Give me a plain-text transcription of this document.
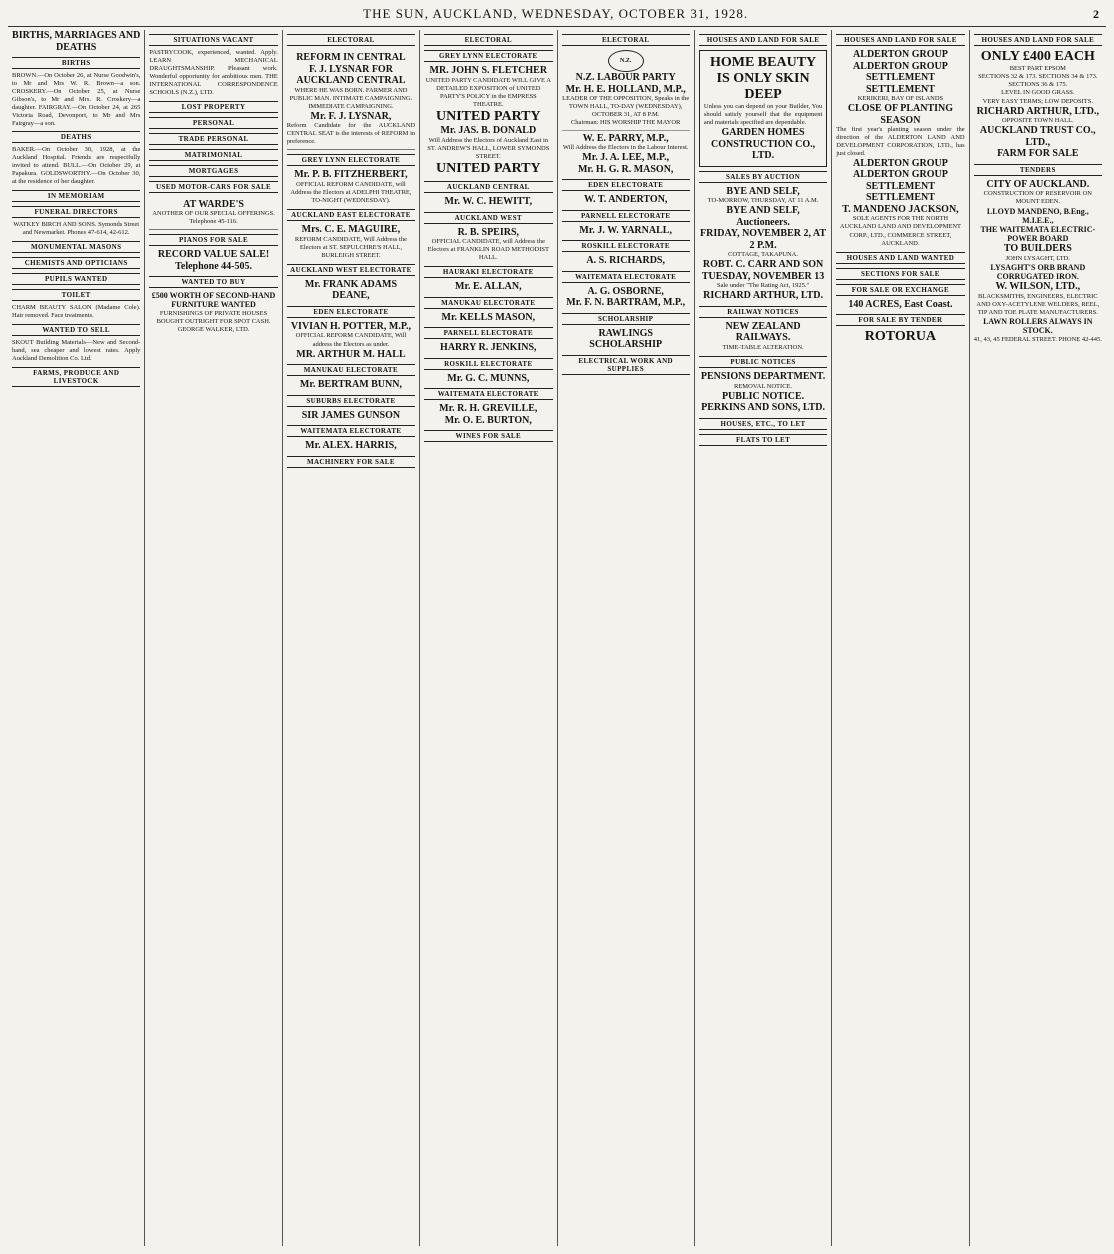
THE SUN, AUCKLAND, WEDNESDAY, OCTOBER 31, 1928.	2
BIRTHS, MARRIAGES AND DEATHS
BIRTHS
BROWN.—On October 26, at Nurse Goodwin's, to Mr and Mrs W. R. Brown—a son. CROSKERY.—On October 25, at Nurse Gibson's, to Mr and Mrs. R. Croskery—a daughter. FAIRGRAY.—On October 24, at 265 Victoria Road, Devonport, to Mr and Mrs Fairgray—a son.
DEATHS
BAKER.—On October 30, 1928, at the Auckland Hospital. Friends are respectfully invited to attend. BULL.—On October 29, at Papakura. GOLDSWORTHY.—On October 30, at the residence of her daughter.
IN MEMORIAM
FUNERAL DIRECTORS
WATKEY BIRCH AND SONS. Symonds Street and Newmarket. Phones 47-614, 42-612.
MONUMENTAL MASONS
CHEMISTS AND OPTICIANS
PUPILS WANTED
TOILET
CHARM BEAUTY SALON (Madame Cole). Hair removed. Face treatments.
WANTED TO SELL
SKOUT Building Materials—New and Second-hand, sea cheaper and lowest rates. Apply Auckland Demolition Co. Ltd.
FARMS, PRODUCE AND LIVESTOCK
SITUATIONS VACANT
PASTRYCOOK, experienced, wanted. Apply. LEARN MECHANICAL DRAUGHTSMANSHIP. Pleasant work. Wonderful opportunity for ambitious men. THE INTERNATIONAL CORRESPONDENCE SCHOOLS (N.Z.), LTD.
LOST PROPERTY
PERSONAL
TRADE PERSONAL
MATRIMONIAL
MORTGAGES
USED MOTOR-CARS FOR SALE
AT WARDE'S
ANOTHER OF OUR SPECIAL OFFERINGS. Telephone 45-116.
PIANOS FOR SALE
RECORD VALUE SALE! Telephone 44-505.
WANTED TO BUY
£500 WORTH OF SECOND-HAND FURNITURE WANTED
FURNISHINGS OF PRIVATE HOUSES BOUGHT OUTRIGHT FOR SPOT CASH. GEORGE WALKER, LTD.
ELECTORAL
REFORM IN CENTRAL
F. J. LYSNAR FOR AUCKLAND CENTRAL
WHERE HE WAS BORN. FARMER AND PUBLIC MAN. INTIMATE CAMPAIGNING. IMMEDIATE CAMPAIGNING.
Mr. F. J. LYSNAR,
Reform Candidate for the AUCKLAND CENTRAL SEAT is the interests of REFORM in preference.
GREY LYNN ELECTORATE
Mr. P. B. FITZHERBERT,
OFFICIAL REFORM CANDIDATE, will Address the Electors at ADELPHI THEATRE, TO-NIGHT (WEDNESDAY).
AUCKLAND EAST ELECTORATE
Mrs. C. E. MAGUIRE,
REFORM CANDIDATE, Will Address the Electors at ST. SEPULCHRE'S HALL, BURLEIGH STREET.
AUCKLAND WEST ELECTORATE
Mr. FRANK ADAMS DEANE,
EDEN ELECTORATE
VIVIAN H. POTTER, M.P.,
OFFICIAL REFORM CANDIDATE, Will address the Electors as under.
MR. ARTHUR M. HALL
MANUKAU ELECTORATE
Mr. BERTRAM BUNN,
SUBURBS ELECTORATE
SIR JAMES GUNSON
WAITEMATA ELECTORATE
Mr. ALEX. HARRIS,
MACHINERY FOR SALE
ELECTORAL
GREY LYNN ELECTORATE
MR. JOHN S. FLETCHER
UNITED PARTY CANDIDATE WILL GIVE A DETAILED EXPOSITION of UNITED PARTY'S POLICY in the EMPRESS THEATRE.
UNITED PARTY
Mr. JAS. B. DONALD
Will Address the Electors of Auckland East in ST. ANDREW'S HALL, LOWER SYMONDS STREET.
UNITED PARTY
AUCKLAND CENTRAL
Mr. W. C. HEWITT,
AUCKLAND WEST
R. B. SPEIRS,
OFFICIAL CANDIDATE, will Address the Electors at FRANKLIN ROAD METHODIST HALL.
HAURAKI ELECTORATE
Mr. E. ALLAN,
MANUKAU ELECTORATE
Mr. KELLS MASON,
PARNELL ELECTORATE
HARRY R. JENKINS,
ROSKILL ELECTORATE
Mr. G. C. MUNNS,
WAITEMATA ELECTORATE
Mr. R. H. GREVILLE,
Mr. O. E. BURTON,
WINES FOR SALE
ELECTORAL
N.Z.
N.Z. LABOUR PARTY
Mr. H. E. HOLLAND, M.P.,
LEADER OF THE OPPOSITION, Speaks in the TOWN HALL, TO-DAY (WEDNESDAY), OCTOBER 31, AT 8 P.M.
Chairman: HIS WORSHIP THE MAYOR
W. E. PARRY, M.P.,
Will Address the Electors in the Labour Interest.
Mr. J. A. LEE, M.P.,
Mr. H. G. R. MASON,
EDEN ELECTORATE
W. T. ANDERTON,
PARNELL ELECTORATE
Mr. J. W. YARNALL,
ROSKILL ELECTORATE
A. S. RICHARDS,
WAITEMATA ELECTORATE
A. G. OSBORNE,
Mr. F. N. BARTRAM, M.P.,
SCHOLARSHIP
RAWLINGS SCHOLARSHIP
ELECTRICAL WORK AND SUPPLIES
HOUSES AND LAND FOR SALE
HOME BEAUTY IS ONLY SKIN DEEP
Unless you can depend on your Builder, You should satisfy yourself that the equipment and materials specified are dependable.
GARDEN HOMES CONSTRUCTION CO., LTD.
SALES BY AUCTION
BYE AND SELF,
TO-MORROW, THURSDAY, AT 11 A.M.
BYE AND SELF, Auctioneers.
FRIDAY, NOVEMBER 2, AT 2 P.M.
COTTAGE, TAKAPUNA.
ROBT. C. CARR AND SON
TUESDAY, NOVEMBER 13
Sale under "The Rating Act, 1925."
RICHARD ARTHUR, LTD.
RAILWAY NOTICES
NEW ZEALAND RAILWAYS.
TIME-TABLE ALTERATION.
PUBLIC NOTICES
PENSIONS DEPARTMENT.
REMOVAL NOTICE.
PUBLIC NOTICE.
PERKINS AND SONS, LTD.
HOUSES, ETC., TO LET
FLATS TO LET
HOUSES AND LAND FOR SALE
ALDERTON GROUP ALDERTON GROUP SETTLEMENT SETTLEMENT
KERIKERI, BAY OF ISLANDS
CLOSE OF PLANTING SEASON
The first year's planting season under the direction of the ALDERTON LAND AND DEVELOPMENT CORPORATION, LTD., has just closed.
ALDERTON GROUP ALDERTON GROUP SETTLEMENT SETTLEMENT
T. MANDENO JACKSON,
SOLE AGENTS FOR THE NORTH AUCKLAND LAND AND DEVELOPMENT CORP., LTD., COMMERCE STREET, AUCKLAND.
HOUSES AND LAND WANTED
SECTIONS FOR SALE
FOR SALE OR EXCHANGE
140 ACRES, East Coast.
FOR SALE BY TENDER
ROTORUA
HOUSES AND LAND FOR SALE
ONLY £400 EACH
BEST PART EPSOM
SECTIONS 32 & 173. SECTIONS 34 & 173. SECTIONS 36 & 175.
LEVEL IN GOOD GRASS.
VERY EASY TERMS; LOW DEPOSITS.
RICHARD ARTHUR, LTD.,
OPPOSITE TOWN HALL.
AUCKLAND TRUST CO., LTD.,
FARM FOR SALE
TENDERS
CITY OF AUCKLAND.
CONSTRUCTION OF RESERVOIR ON MOUNT EDEN.
LLOYD MANDENO, B.Eng., M.I.E.E.,
THE WAITEMATA ELECTRIC-POWER BOARD
TO BUILDERS
JOHN LYSAGHT, LTD.
LYSAGHT'S ORB BRAND CORRUGATED IRON.
W. WILSON, LTD.,
BLACKSMITHS, ENGINEERS, ELECTRIC AND OXY-ACETYLENE WELDERS, REEL, TIP AND TOE PLATE MANUFACTURERS.
LAWN ROLLERS ALWAYS IN STOCK.
41, 43, 45 FEDERAL STREET. PHONE 42-445.
